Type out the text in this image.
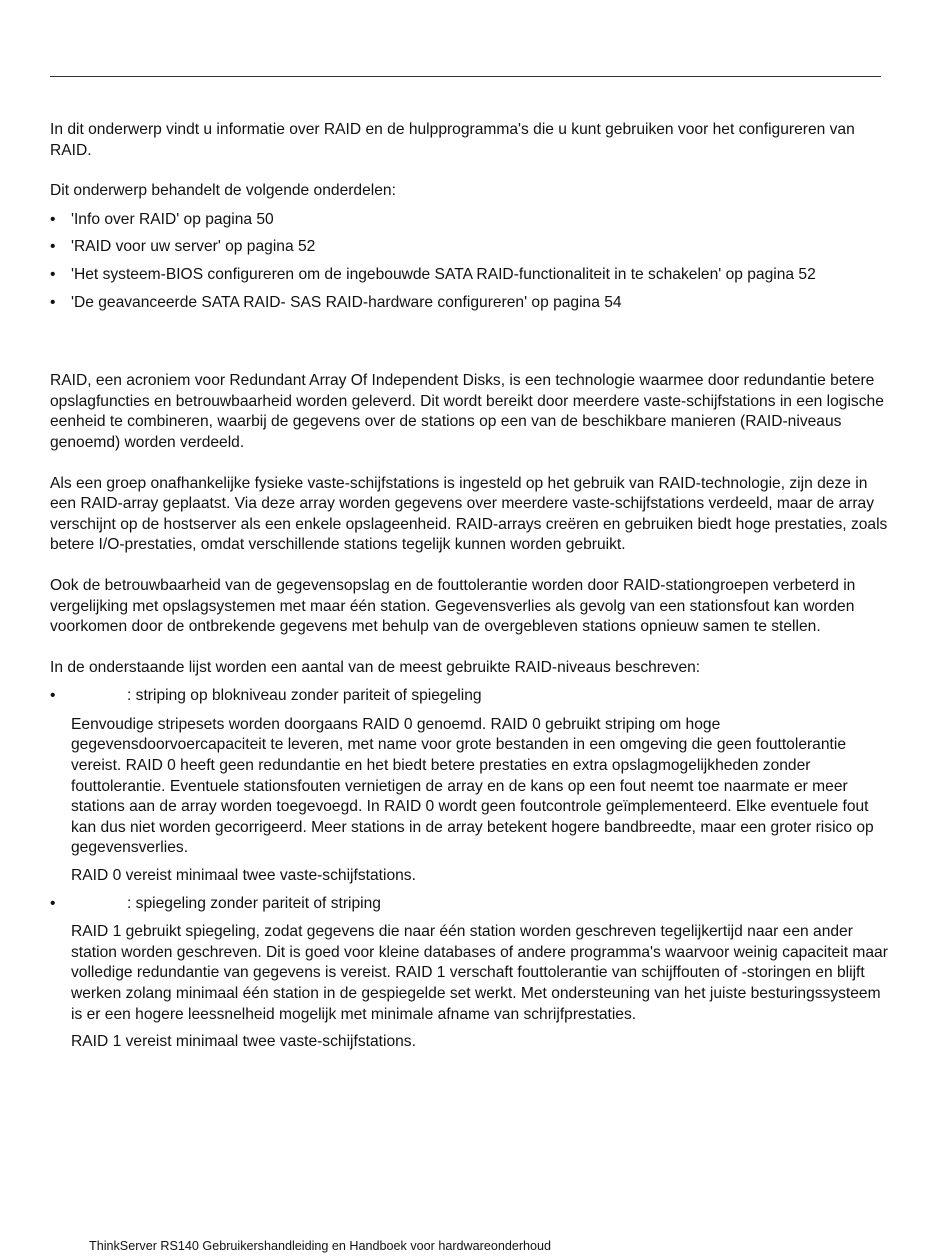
In dit onderwerp vindt u informatie over RAID en de hulpprogramma's die u kunt gebruiken voor het configureren van RAID.

Dit onderwerp behandelt de volgende onderdelen:

• 'Info over RAID' op pagina 50
• 'RAID voor uw server' op pagina 52
• 'Het systeem-BIOS configureren om de ingebouwde SATA RAID-functionaliteit in te schakelen' op pagina 52
• 'De geavanceerde SATA RAID- SAS RAID-hardware configureren' op pagina 54

RAID, een acroniem voor Redundant Array Of Independent Disks, is een technologie waarmee door redundantie betere opslagfuncties en betrouwbaarheid worden geleverd. Dit wordt bereikt door meerdere vaste-schijfstations in een logische eenheid te combineren, waarbij de gegevens over de stations op een van de beschikbare manieren (RAID-niveaus genoemd) worden verdeeld.

Als een groep onafhankelijke fysieke vaste-schijfstations is ingesteld op het gebruik van RAID-technologie, zijn deze in een RAID-array geplaatst. Via deze array worden gegevens over meerdere vaste-schijfstations verdeeld, maar de array verschijnt op de hostserver als een enkele opslageenheid. RAID-arrays creëren en gebruiken biedt hoge prestaties, zoals betere I/O-prestaties, omdat verschillende stations tegelijk kunnen worden gebruikt.

Ook de betrouwbaarheid van de gegevensopslag en de fouttolerantie worden door RAID-stationgroepen verbeterd in vergelijking met opslagsystemen met maar één station. Gegevensverlies als gevolg van een stationsfout kan worden voorkomen door de ontbrekende gegevens met behulp van de overgebleven stations opnieuw samen te stellen.

In de onderstaande lijst worden een aantal van de meest gebruikte RAID-niveaus beschreven:

•	: striping op blokniveau zonder pariteit of spiegeling

Eenvoudige stripesets worden doorgaans RAID 0 genoemd. RAID 0 gebruikt striping om hoge gegevensdoorvoercapaciteit te leveren, met name voor grote bestanden in een omgeving die geen fouttolerantie vereist. RAID 0 heeft geen redundantie en het biedt betere prestaties en extra opslagmogelijkheden zonder fouttolerantie. Eventuele stationsfouten vernietigen de array en de kans op een fout neemt toe naarmate er meer stations aan de array worden toegevoegd. In RAID 0 wordt geen foutcontrole geïmplementeerd. Elke eventuele fout kan dus niet worden gecorrigeerd. Meer stations in de array betekent hogere bandbreedte, maar een groter risico op gegevensverlies.

RAID 0 vereist minimaal twee vaste-schijfstations.

•	: spiegeling zonder pariteit of striping

RAID 1 gebruikt spiegeling, zodat gegevens die naar één station worden geschreven tegelijkertijd naar een ander station worden geschreven. Dit is goed voor kleine databases of andere programma's waarvoor weinig capaciteit maar volledige redundantie van gegevens is vereist. RAID 1 verschaft fouttolerantie van schijffouten of -storingen en blijft werken zolang minimaal één station in de gespiegelde set werkt. Met ondersteuning van het juiste besturingssysteem is er een hogere leessnelheid mogelijk met minimale afname van schrijfprestaties.

RAID 1 vereist minimaal twee vaste-schijfstations.

ThinkServer RS140 Gebruikershandleiding en Handboek voor hardwareonderhoud
